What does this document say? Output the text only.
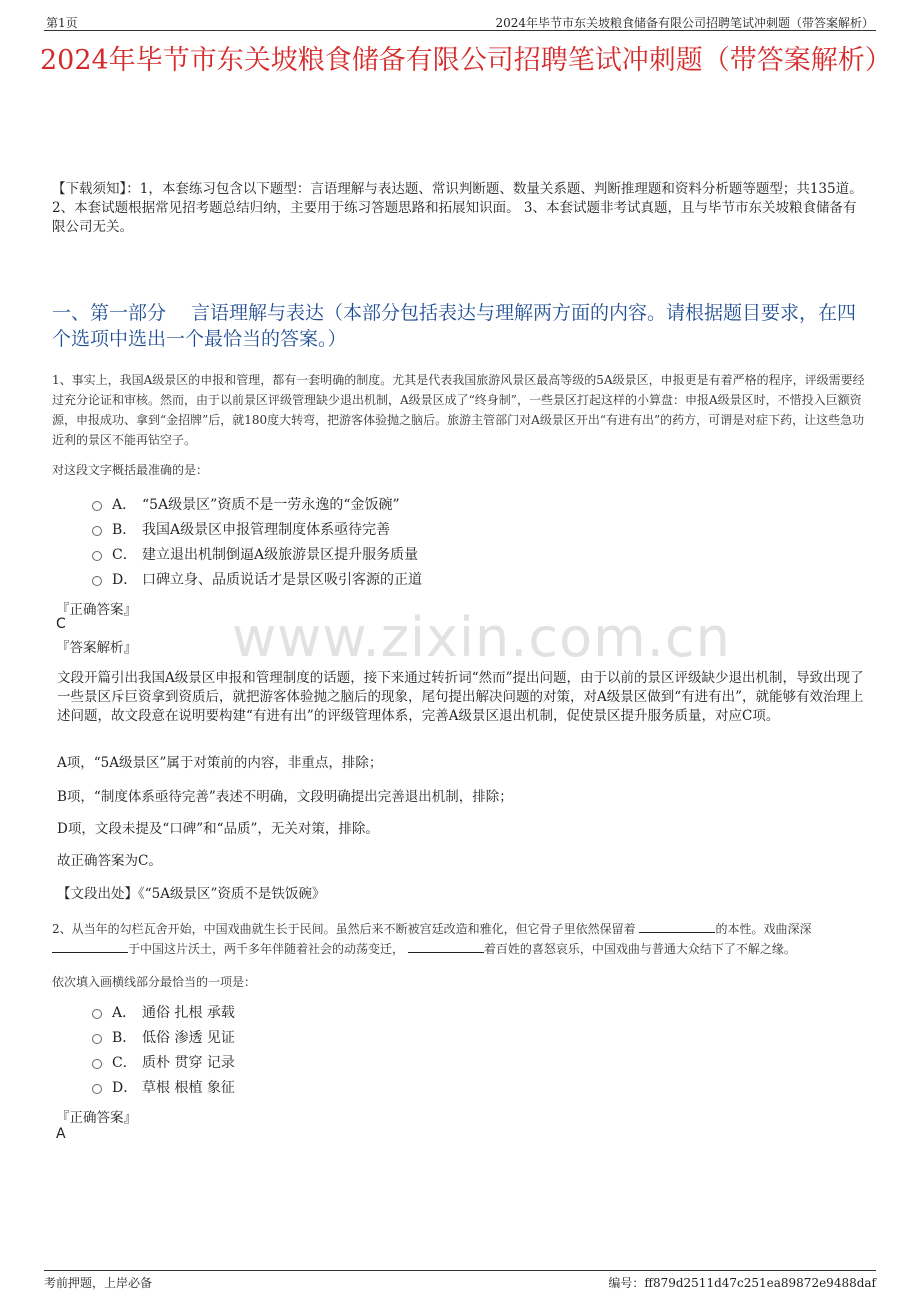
第1页	2024年毕节市东关坡粮食储备有限公司招聘笔试冲刺题（带答案解析）
2024年毕节市东关坡粮食储备有限公司招聘笔试冲刺题（带答案解析）
【下载须知】：1，本套练习包含以下题型：言语理解与表达题、常识判断题、数量关系题、判断推理题和资料分析题等题型；共135道。 2、本套试题根据常见招考题总结归纳，主要用于练习答题思路和拓展知识面。 3、本套试题非考试真题，且与毕节市东关坡粮食储备有限公司无关。
一、第一部分　 言语理解与表达（本部分包括表达与理解两方面的内容。请根据题目要求，在四个选项中选出一个最恰当的答案。）
1、事实上，我国A级景区的申报和管理，都有一套明确的制度。尤其是代表我国旅游风景区最高等级的5A级景区，申报更是有着严格的程序，评级需要经过充分论证和审核。然而，由于以前景区评级管理缺少退出机制，A级景区成了“终身制”，一些景区打起这样的小算盘：申报A级景区时，不惜投入巨额资源，申报成功、拿到“金招牌”后，就180度大转弯，把游客体验抛之脑后。旅游主管部门对A级景区开出“有进有出”的药方，可谓是对症下药，让这些急功近利的景区不能再钻空子。
对这段文字概括最准确的是：
A． “5A级景区”资质不是一劳永逸的“金饭碗”
B． 我国A级景区申报管理制度体系亟待完善
C． 建立退出机制倒逼A级旅游景区提升服务质量
D． 口碑立身、品质说话才是景区吸引客源的正道
『正确答案』
C
『答案解析』 www.zixin.com.cn
文段开篇引出我国A级景区申报和管理制度的话题，接下来通过转折词“然而”提出问题，由于以前的景区评级缺少退出机制，导致出现了一些景区斥巨资拿到资质后，就把游客体验抛之脑后的现象，尾句提出解决问题的对策，对A级景区做到“有进有出”，就能够有效治理上述问题，故文段意在说明要构建“有进有出”的评级管理体系，完善A级景区退出机制，促使景区提升服务质量，对应C项。
A项，“5A级景区”属于对策前的内容，非重点，排除；
B项，“制度体系亟待完善”表述不明确，文段明确提出完善退出机制，排除；
D项，文段未提及“口碑”和“品质”，无关对策，排除。
故正确答案为C。
【文段出处】《“5A级景区”资质不是铁饭碗》
2、从当年的勾栏瓦舍开始，中国戏曲就生长于民间。虽然后来不断被宫廷改造和雅化，但它骨子里依然保留着	的本性。戏曲深深于中国这片沃土，两千多年伴随着社会的动荡变迁，	着百姓的喜怒哀乐，中国戏曲与普通大众结下了不解之缘。
依次填入画横线部分最恰当的一项是：
A． 通俗 扎根 承载
B． 低俗 渗透 见证
C． 质朴 贯穿 记录
D． 草根 根植 象征
『正确答案』
A
考前押题，上岸必备	编号：ff879d2511d47c251ea89872e9488daf
